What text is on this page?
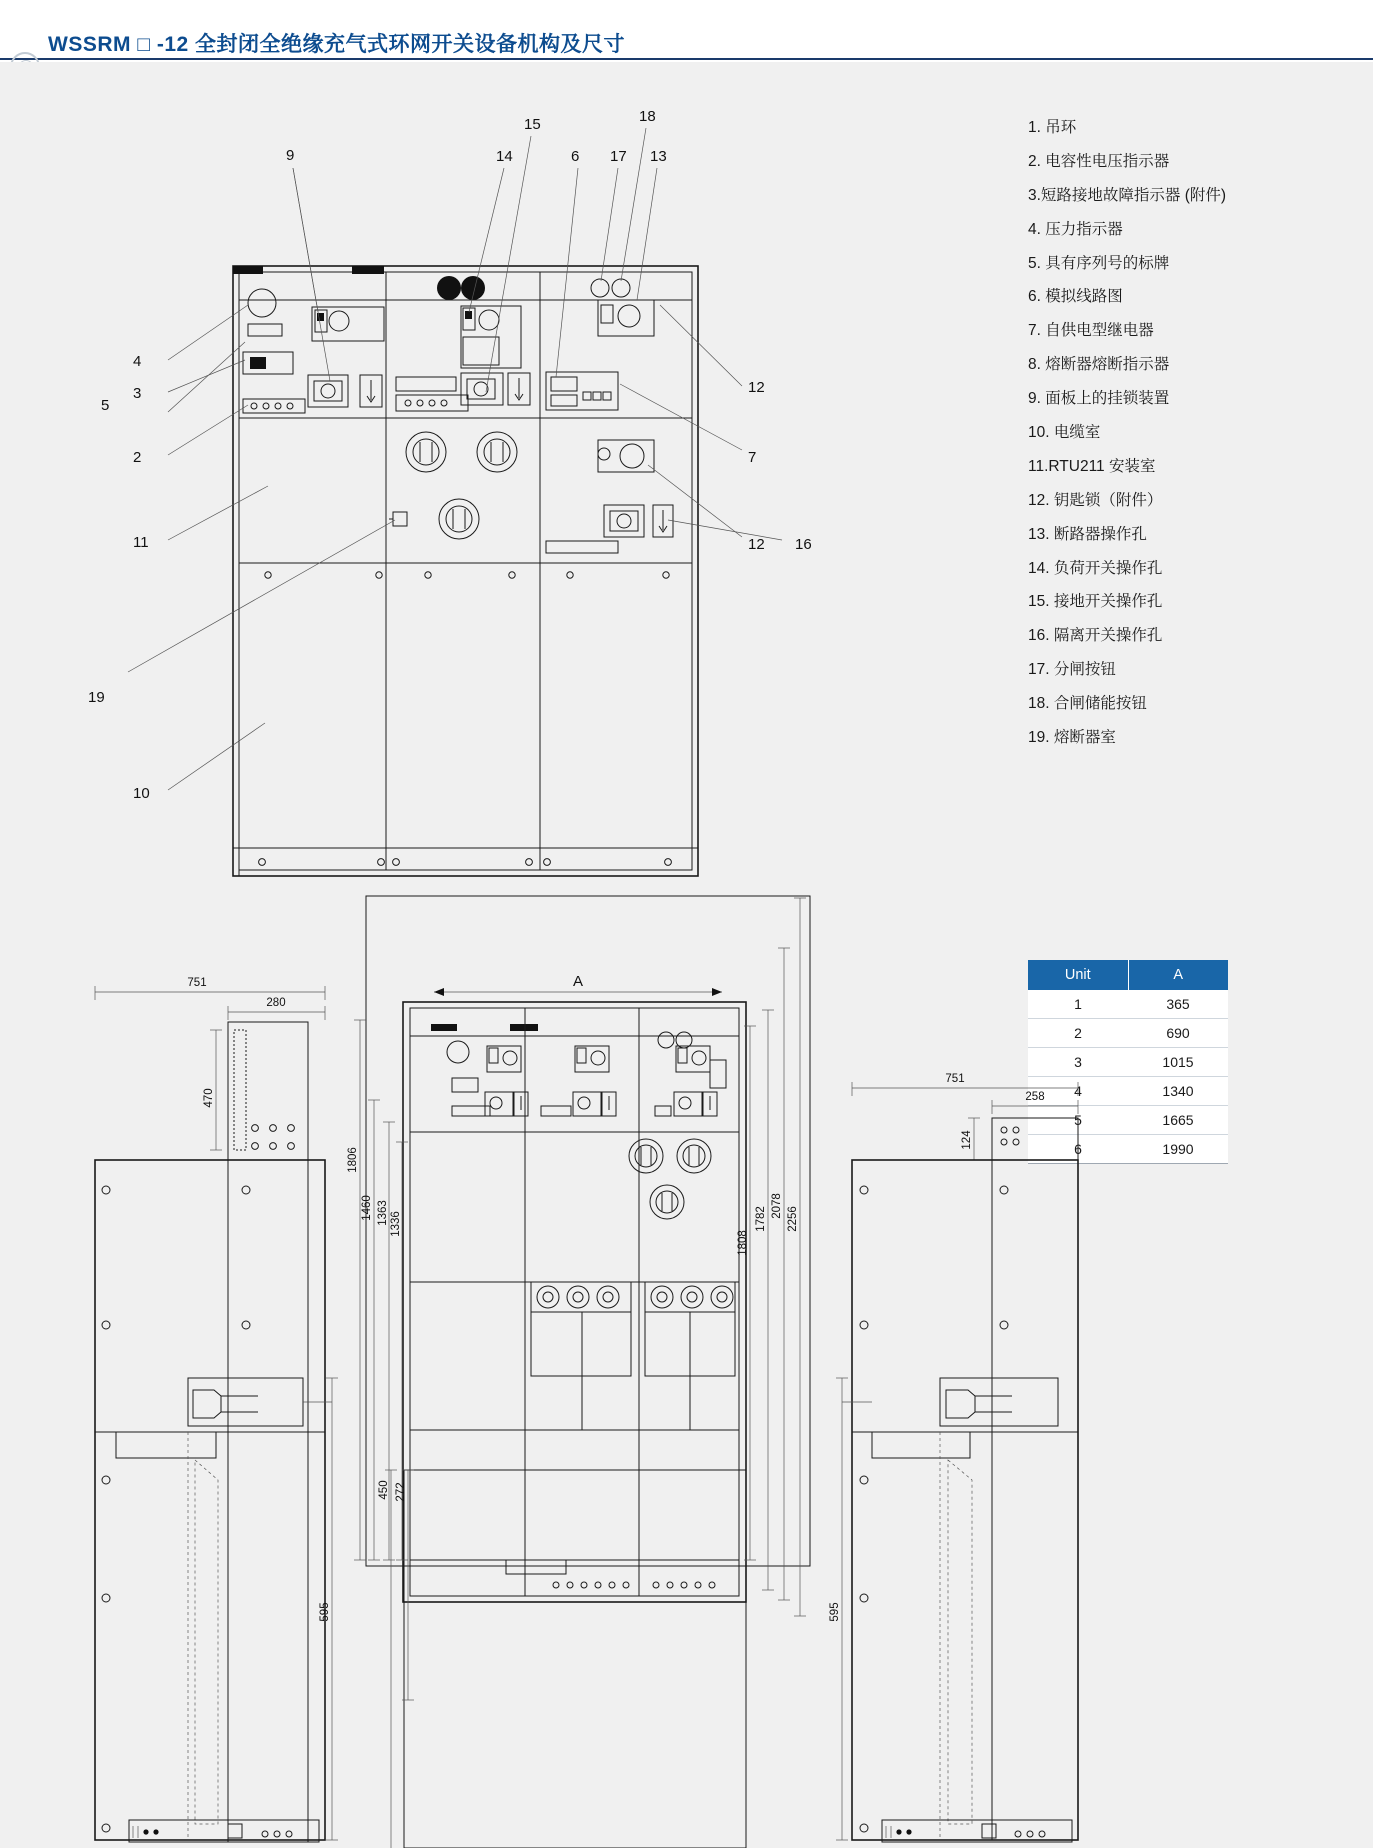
WSSRM □ -12 全封闭全绝缘充气式环网开关设备机构及尺寸
1. 吊环
2. 电容性电压指示器
3.短路接地故障指示器 (附件)
4. 压力指示器
5. 具有序列号的标牌
6. 模拟线路图
7. 自供电型继电器
8. 熔断器熔断指示器
9. 面板上的挂锁装置
10. 电缆室
11.RTU211 安装室
12. 钥匙锁（附件）
13. 断路器操作孔
14. 负荷开关操作孔
15. 接地开关操作孔
16. 隔离开关操作孔
17. 分闸按钮
18. 合闸储能按钮
19. 熔断器室
Unit	A
1	365
2	690
3	1015
4	1340
5	1665
6	1990
9
15
14	6
18
17 13
4
5
3
2
11
19
10
12
7
12 16
751
280
470
595
A
1806
1460 1363 1336
1808
1782
2078
2256
450 272
751
258
124
595
